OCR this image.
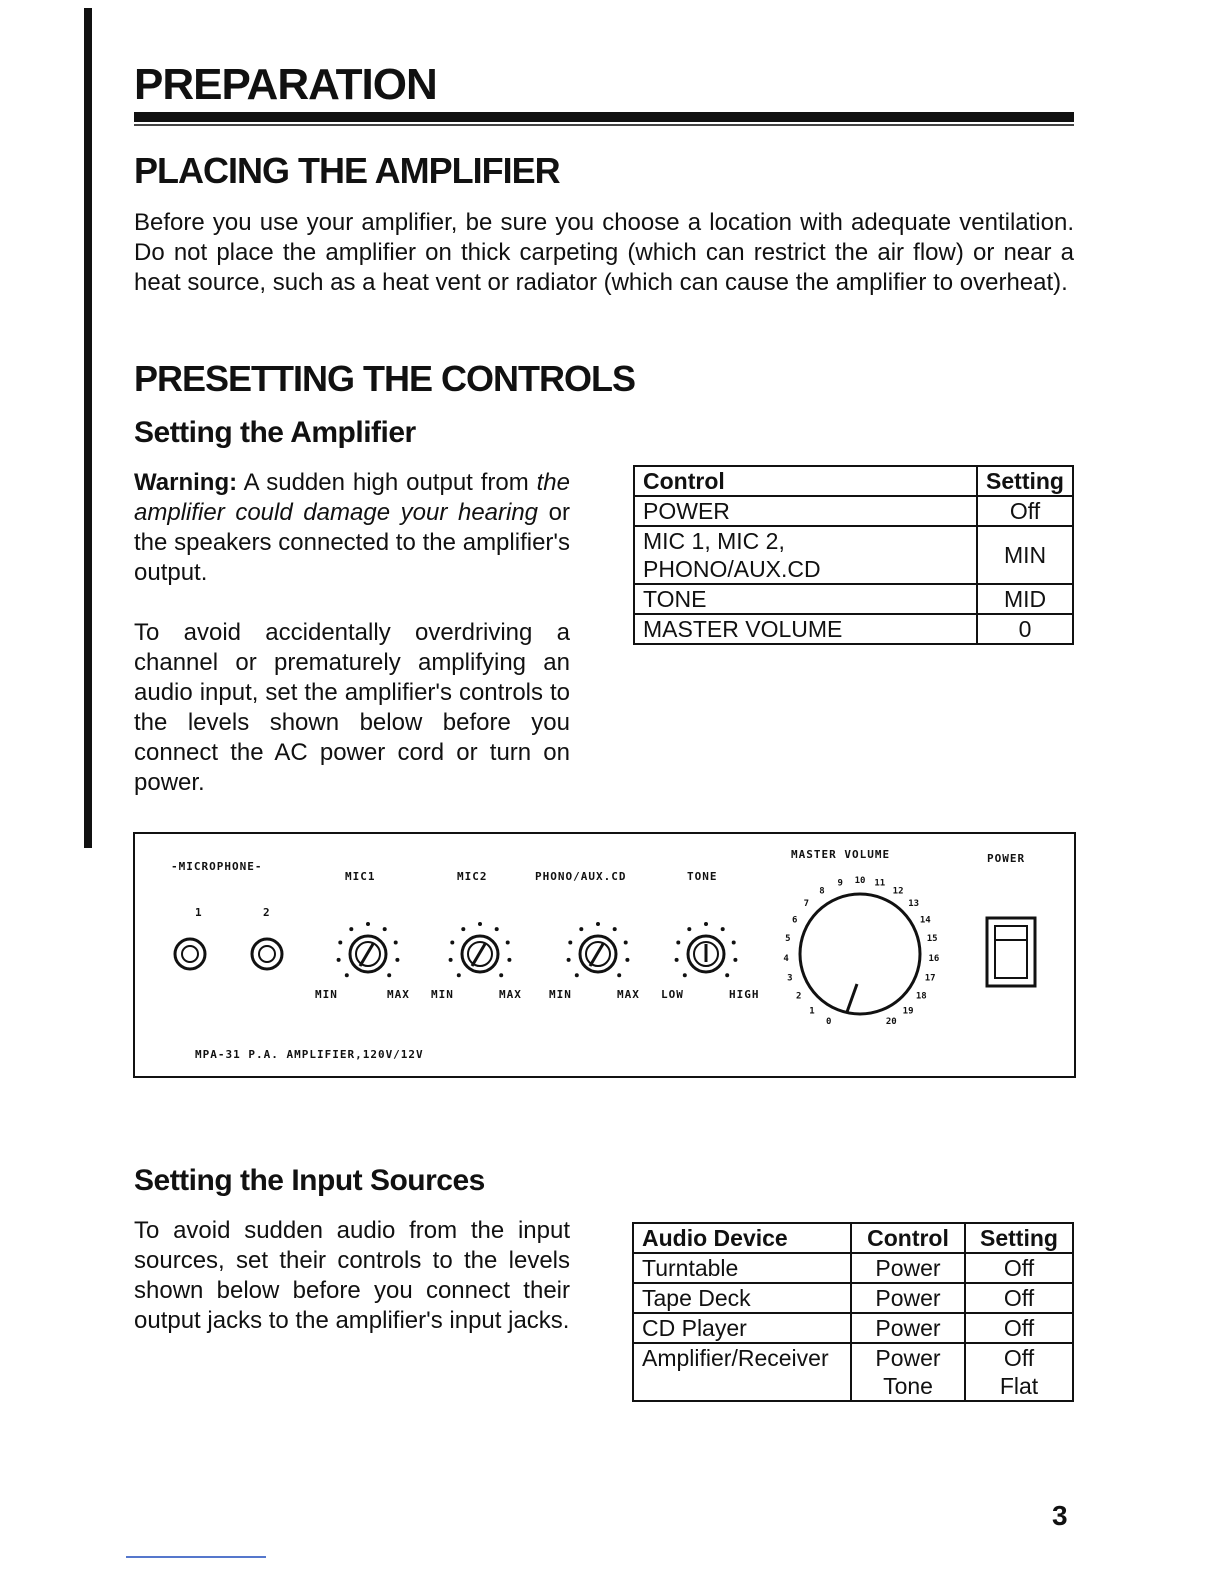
PREPARATION
PLACING THE AMPLIFIER

Before you use your amplifier, be sure you choose a location with adequate ventilation. Do not place the amplifier on thick carpeting (which can restrict the air flow) or near a heat source, such as a heat vent or radiator (which can cause the amplifier to overheat).

PRESETTING THE CONTROLS
Setting the Amplifier

Warning: A sudden high output from the amplifier could damage your hearing or the speakers connected to the amplifier's output.

To avoid accidentally overdriving a channel or prematurely amplifying an audio input, set the amplifier's controls to the levels shown below before you connect the AC power cord or turn on power.

Control	Setting
POWER	Off
MIC 1, MIC 2, PHONO/AUX.CD	MIN
TONE	MID
MASTER VOLUME	0
0
1
2
3
4
5
6
7
8
9 10 11
12
13
14
15
16
17
18
19
20
-MICROPHONE-
1	2
MIC1	MIC2	PHONO/AUX.CD	TONE
MASTER VOLUME	POWER
MIN	MAX MIN	MAX MIN	MAX LOW	HIGH
MPA-31 P.A. AMPLIFIER,120V/12V
Setting the Input Sources

To avoid sudden audio from the input sources, set their controls to the levels shown below before you connect their output jacks to the amplifier's input jacks.

Audio Device	Control	Setting
Turntable	Power	Off
Tape Deck	Power	Off
CD Player	Power	Off
Amplifier/Receiver	Power	Off
	Tone	Flat
3
